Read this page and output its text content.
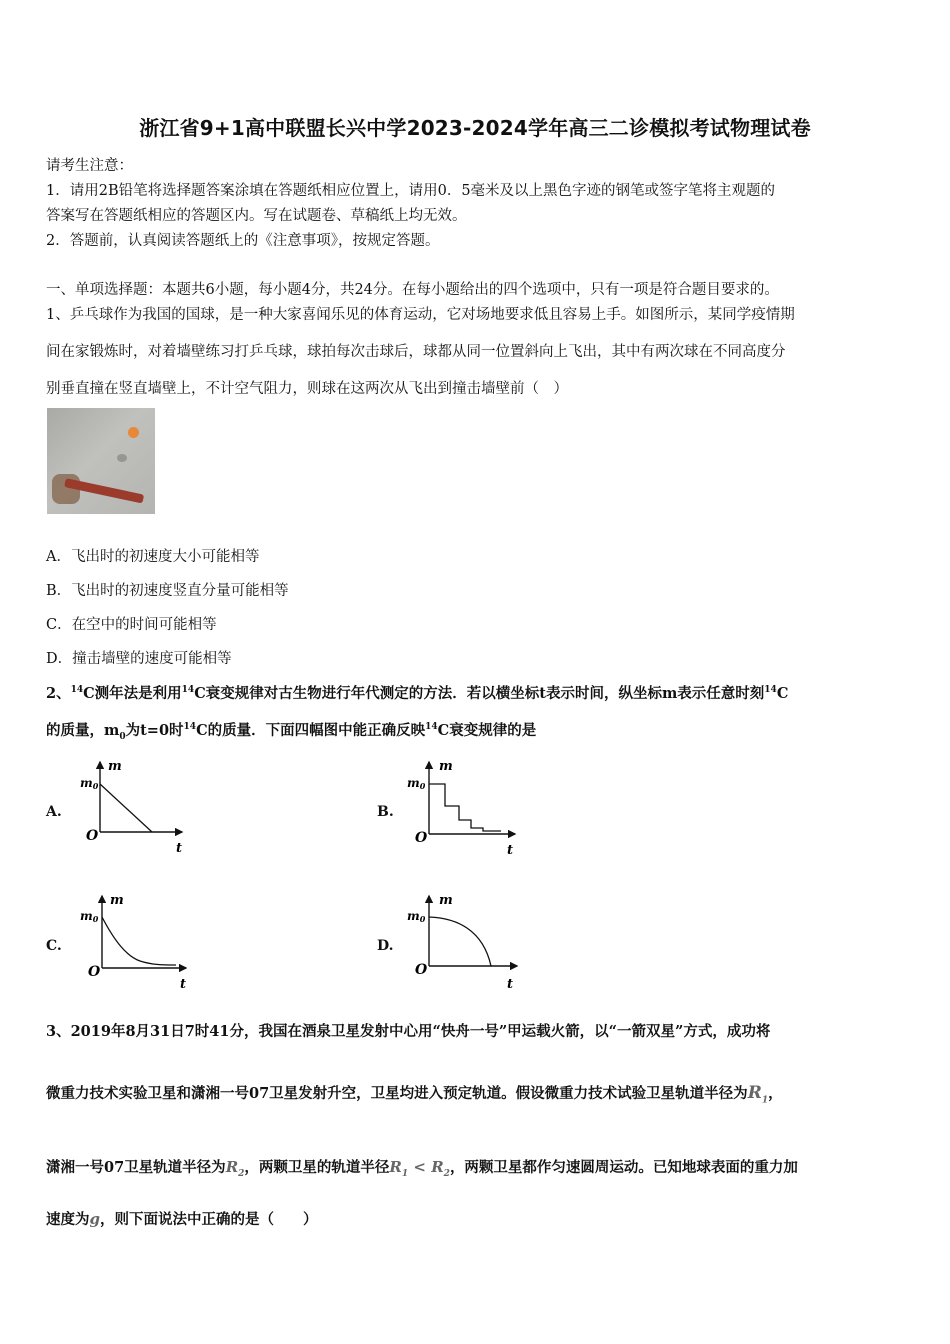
浙江省9+1高中联盟长兴中学2023-2024学年高三二诊模拟考试物理试卷
请考生注意：
1．请用2B铅笔将选择题答案涂填在答题纸相应位置上，请用0．5毫米及以上黑色字迹的钢笔或签字笔将主观题的
答案写在答题纸相应的答题区内。写在试题卷、草稿纸上均无效。
2．答题前，认真阅读答题纸上的《注意事项》，按规定答题。
一、单项选择题：本题共6小题，每小题4分，共24分。在每小题给出的四个选项中，只有一项是符合题目要求的。
1、乒乓球作为我国的国球，是一种大家喜闻乐见的体育运动，它对场地要求低且容易上手。如图所示，某同学疫情期
间在家锻炼时，对着墙壁练习打乒乓球，球拍每次击球后，球都从同一位置斜向上飞出，其中有两次球在不同高度分
别垂直撞在竖直墙壁上，不计空气阻力，则球在这两次从飞出到撞击墙壁前（　）
A．飞出时的初速度大小可能相等
B．飞出时的初速度竖直分量可能相等
C．在空中的时间可能相等
D．撞击墙壁的速度可能相等
2、$^{14}$C测年法是利用$^{14}$C衰变规律对古生物进行年代测定的方法．若以横坐标t表示时间，纵坐标m表示任意时刻$^{14}$C
的质量，$m_0$为t=0时$^{14}$C的质量．下面四幅图中能正确反映$^{14}$C衰变规律的是
A.	B.
C.	D.
m
m0
O
t
m
m0
O
t
m
m0
O
t
m
m0
O
t
3、2019年8月31日7时41分，我国在酒泉卫星发射中心用“快舟一号”甲运载火箭，以“一箭双星”方式，成功将
微重力技术实验卫星和潇湘一号07卫星发射升空，卫星均进入预定轨道。假设微重力技术试验卫星轨道半径为$R_1$，
潇湘一号07卫星轨道半径为$R_2$，两颗卫星的轨道半径$R_1 < R_2$，两颗卫星都作匀速圆周运动。已知地球表面的重力加
速度为g，则下面说法中正确的是（　　）
